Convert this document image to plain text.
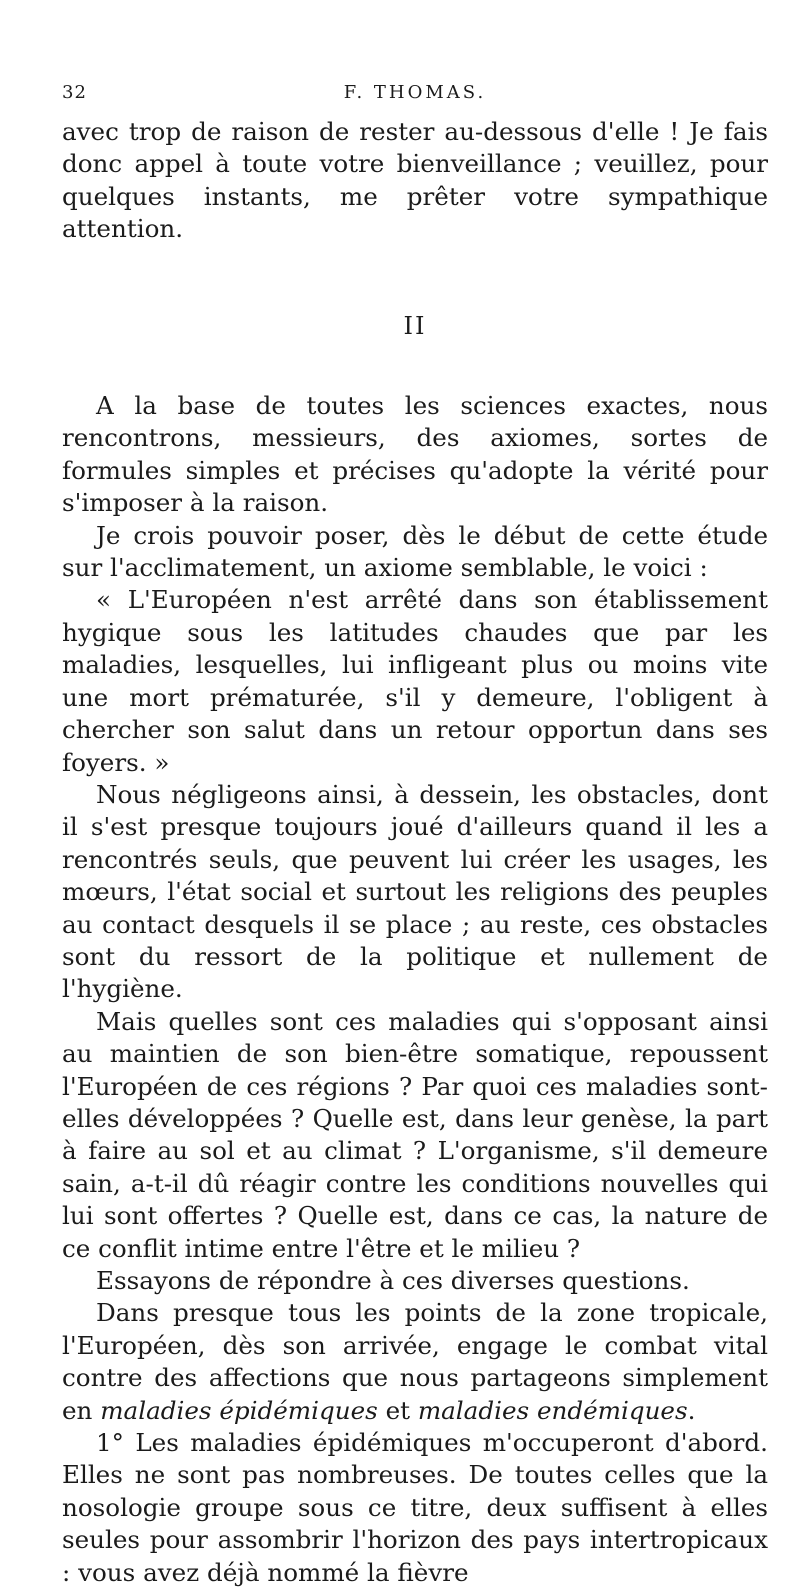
32	F. THOMAS.

avec trop de raison de rester au-dessous d'elle ! Je fais donc appel à toute votre bienveillance ; veuillez, pour quelques instants, me prêter votre sympathique attention.

II

A la base de toutes les sciences exactes, nous rencontrons, messieurs, des axiomes, sortes de formules simples et précises qu'adopte la vérité pour s'imposer à la raison.

Je crois pouvoir poser, dès le début de cette étude sur l'acclimatement, un axiome semblable, le voici :

« L'Européen n'est arrêté dans son établissement hygique sous les latitudes chaudes que par les maladies, lesquelles, lui infligeant plus ou moins vite une mort prématurée, s'il y demeure, l'obligent à chercher son salut dans un retour opportun dans ses foyers. »

Nous négligeons ainsi, à dessein, les obstacles, dont il s'est presque toujours joué d'ailleurs quand il les a rencontrés seuls, que peuvent lui créer les usages, les mœurs, l'état social et surtout les religions des peuples au contact desquels il se place ; au reste, ces obstacles sont du ressort de la politique et nullement de l'hygiène.

Mais quelles sont ces maladies qui s'opposant ainsi au maintien de son bien-être somatique, repoussent l'Européen de ces régions ? Par quoi ces maladies sont-elles développées ? Quelle est, dans leur genèse, la part à faire au sol et au climat ? L'organisme, s'il demeure sain, a-t-il dû réagir contre les conditions nouvelles qui lui sont offertes ? Quelle est, dans ce cas, la nature de ce conflit intime entre l'être et le milieu ?

Essayons de répondre à ces diverses questions.

Dans presque tous les points de la zone tropicale, l'Européen, dès son arrivée, engage le combat vital contre des affections que nous partageons simplement en maladies épidémiques et maladies endémiques.

1° Les maladies épidémiques m'occuperont d'abord. Elles ne sont pas nombreuses. De toutes celles que la nosologie groupe sous ce titre, deux suffisent à elles seules pour assombrir l'horizon des pays intertropicaux : vous avez déjà nommé la fièvre
